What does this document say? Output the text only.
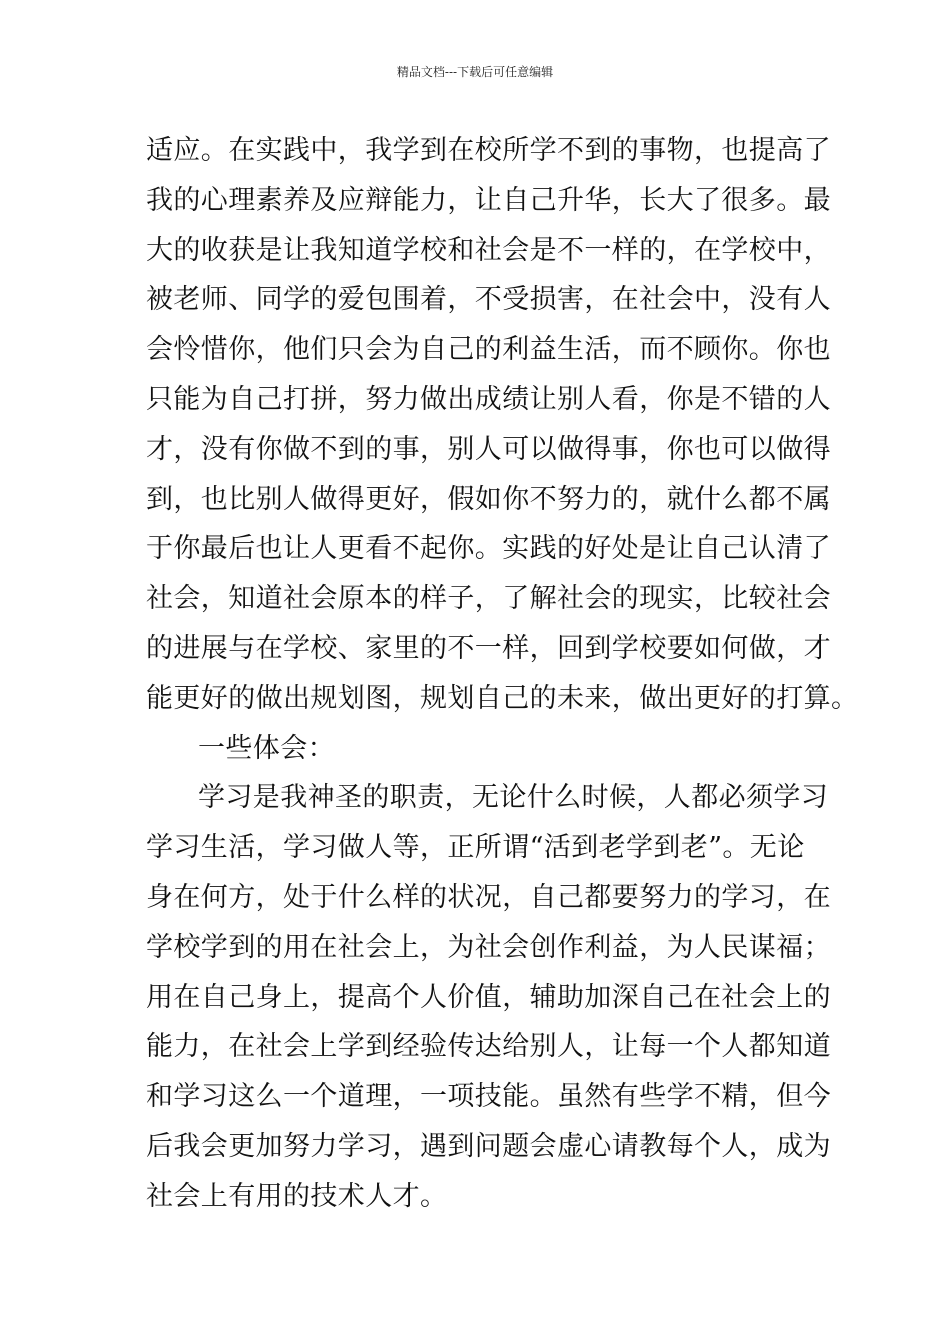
精品文档---下载后可任意编辑
适应。在实践中，我学到在校所学不到的事物，也提高了
我的心理素养及应辩能力，让自己升华，长大了很多。最
大的收获是让我知道学校和社会是不一样的，在学校中，
被老师、同学的爱包围着，不受损害，在社会中，没有人
会怜惜你，他们只会为自己的利益生活，而不顾你。你也
只能为自己打拼，努力做出成绩让别人看，你是不错的人
才，没有你做不到的事，别人可以做得事，你也可以做得
到，也比别人做得更好，假如你不努力的，就什么都不属
于你最后也让人更看不起你。实践的好处是让自己认清了
社会，知道社会原本的样子，了解社会的现实，比较社会
的进展与在学校、家里的不一样，回到学校要如何做，才
能更好的做出规划图，规划自己的未来，做出更好的打算。
一些体会：
学习是我神圣的职责，无论什么时候，人都必须学习
学习生活，学习做人等，正所谓“活到老学到老”。无论
身在何方，处于什么样的状况，自己都要努力的学习，在
学校学到的用在社会上，为社会创作利益，为人民谋福；
用在自己身上，提高个人价值，辅助加深自己在社会上的
能力，在社会上学到经验传达给别人，让每一个人都知道
和学习这么一个道理，一项技能。虽然有些学不精，但今
后我会更加努力学习，遇到问题会虚心请教每个人，成为
社会上有用的技术人才。
